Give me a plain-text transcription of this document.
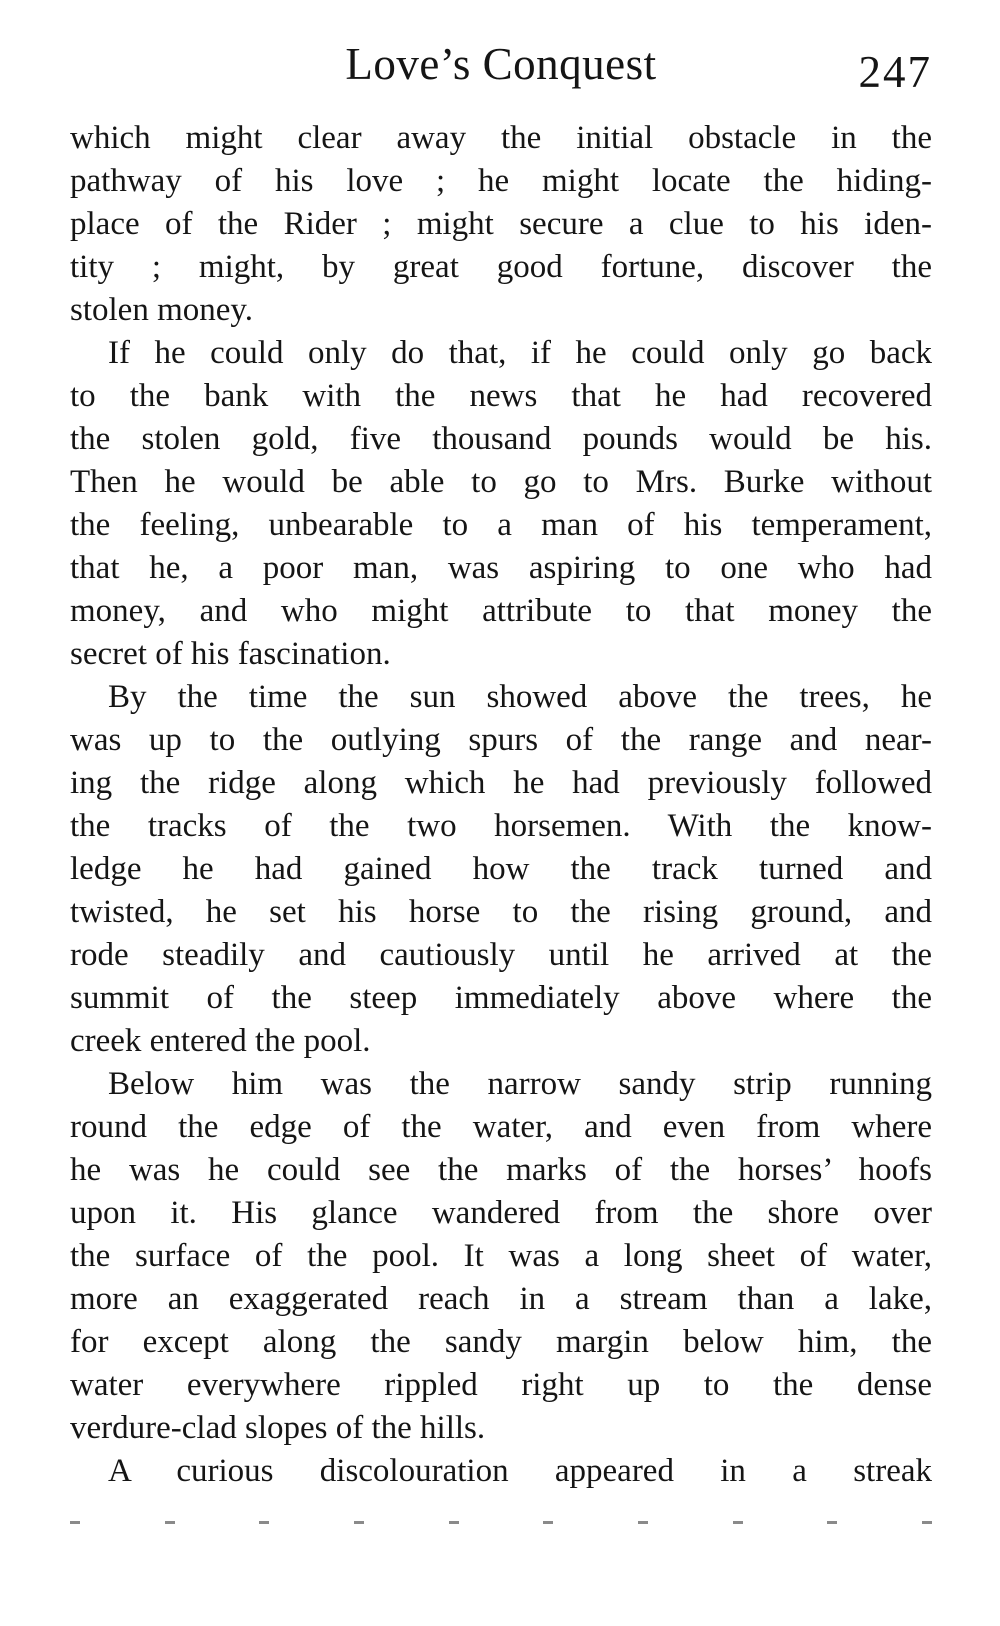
Love’s Conquest	247
which might clear away the initial obstacle in the
pathway of his love ; he might locate the hiding-
place of the Rider ; might secure a clue to his iden-
tity ; might, by great good fortune, discover the
stolen money.
If he could only do that, if he could only go back
to the bank with the news that he had recovered
the stolen gold, five thousand pounds would be his.
Then he would be able to go to Mrs. Burke without
the feeling, unbearable to a man of his temperament,
that he, a poor man, was aspiring to one who had
money, and who might attribute to that money the
secret of his fascination.
By the time the sun showed above the trees, he
was up to the outlying spurs of the range and near-
ing the ridge along which he had previously followed
the tracks of the two horsemen. With the know-
ledge he had gained how the track turned and
twisted, he set his horse to the rising ground, and
rode steadily and cautiously until he arrived at the
summit of the steep immediately above where the
creek entered the pool.
Below him was the narrow sandy strip running
round the edge of the water, and even from where
he was he could see the marks of the horses’ hoofs
upon it. His glance wandered from the shore over
the surface of the pool. It was a long sheet of water,
more an exaggerated reach in a stream than a lake,
for except along the sandy margin below him, the
water everywhere rippled right up to the dense
verdure-clad slopes of the hills.
A curious discolouration appeared in a streak
